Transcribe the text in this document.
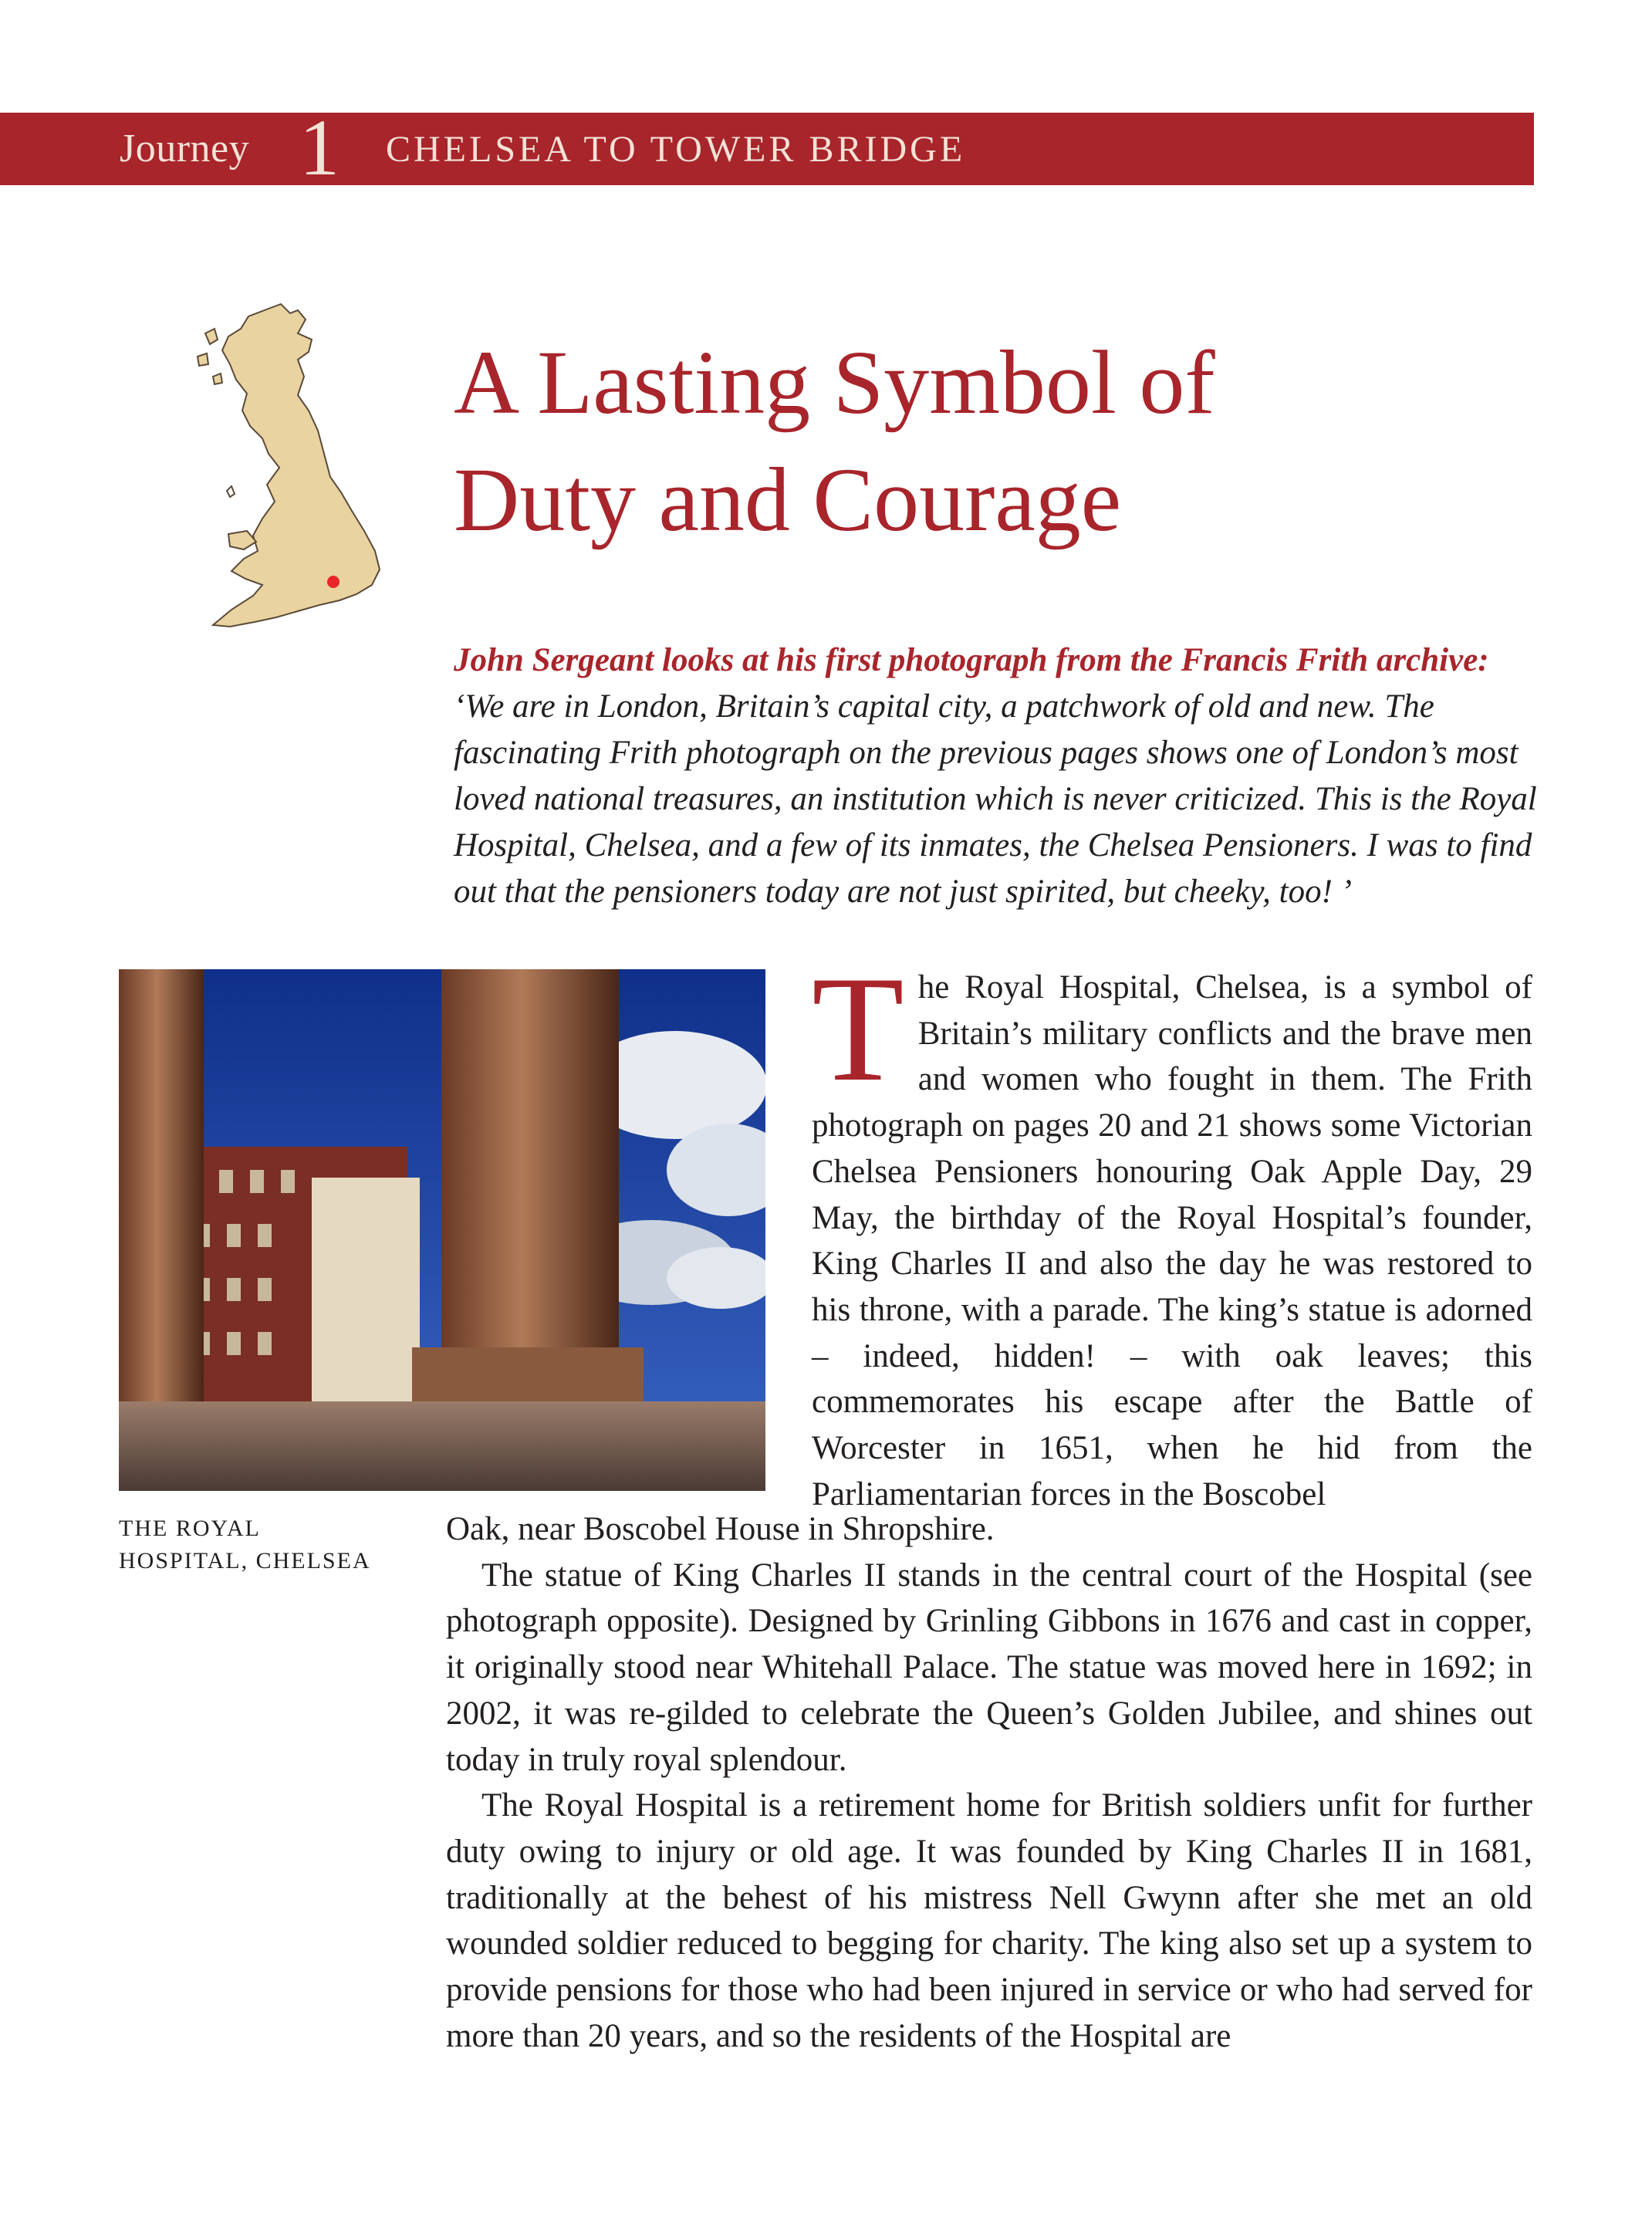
Journey 1 CHELSEA TO TOWER BRIDGE
A Lasting Symbol of
Duty and Courage

John Sergeant looks at his first photograph from the Francis Frith archive: ‘We are in London, Britain’s capital city, a patchwork of old and new. The fascinating Frith photograph on the previous pages shows one of London’s most loved national treasures, an institution which is never criticized. This is the Royal Hospital, Chelsea, and a few of its inmates, the Chelsea Pensioners. I was to find out that the pensioners today are not just spirited, but cheeky, too! ’

THE ROYAL
HOSPITAL, CHELSEA

The Royal Hospital, Chelsea, is a symbol of Britain’s military conflicts and the brave men and women who fought in them. The Frith photograph on pages 20 and 21 shows some Victorian Chelsea Pensioners honouring Oak Apple Day, 29 May, the birthday of the Royal Hospital’s founder, King Charles II and also the day he was restored to his throne, with a parade. The king’s statue is adorned – indeed, hidden! – with oak leaves; this commemorates his escape after the Battle of Worcester in 1651, when he hid from the Parliamentarian forces in the Boscobel

Oak, near Boscobel House in Shropshire.

The statue of King Charles II stands in the central court of the Hospital (see photograph opposite). Designed by Grinling Gibbons in 1676 and cast in copper, it originally stood near Whitehall Palace. The statue was moved here in 1692; in 2002, it was re-gilded to celebrate the Queen’s Golden Jubilee, and shines out today in truly royal splendour.

The Royal Hospital is a retirement home for British soldiers unfit for further duty owing to injury or old age. It was founded by King Charles II in 1681, traditionally at the behest of his mistress Nell Gwynn after she met an old wounded soldier reduced to begging for charity. The king also set up a system to provide pensions for those who had been injured in service or who had served for more than 20 years, and so the residents of the Hospital are
